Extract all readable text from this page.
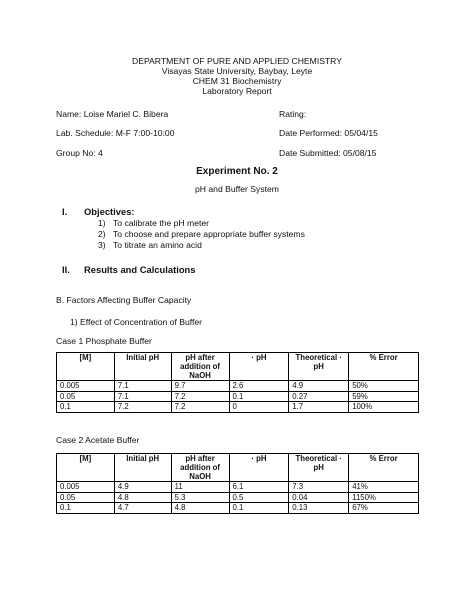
DEPARTMENT OF PURE AND APPLIED CHEMISTRY
Visayas State University, Baybay, Leyte
CHEM 31 Biochemistry
Laboratory Report
Name: Loise Mariel C. Bibera	Rating:
Lab. Schedule: M-F 7:00-10:00	Date Performed: 05/04/15
Group No: 4	Date Submitted: 05/08/15
Experiment No. 2
pH and Buffer System
I. Objectives:
1) To calibrate the pH meter
2) To choose and prepare appropriate buffer systems
3) To titrate an amino acid
II. Results and Calculations
B. Factors Affecting Buffer Capacity
1) Effect of Concentration of Buffer
Case 1 Phosphate Buffer
[M]	Initial pH	pH after addition of NaOH	· pH	Theoretical · pH	% Error
0.005	7.1	9.7	2.6	4.9	50%
0.05	7.1	7.2	0.1	0.27	59%
0.1	7.2	7.2	0	1.7	100%
Case 2 Acetate Buffer
[M]	Initial pH	pH after addition of NaOH	· pH	Theoretical · pH	% Error
0.005	4.9	11	6.1	7.3	41%
0.05	4.8	5.3	0.5	0.04	1150%
0.1	4.7	4.8	0.1	0.13	67%
